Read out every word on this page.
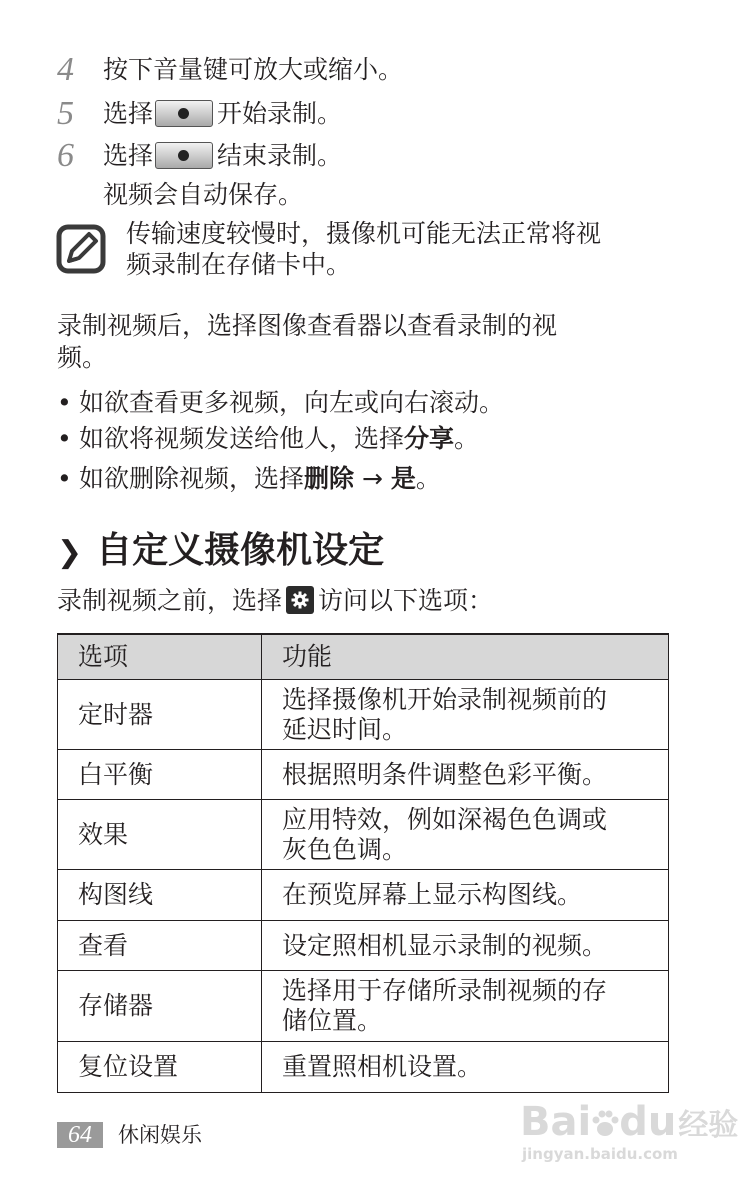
4 按下音量键可放大或缩小。
5 选择	开始录制。
6 选择	结束录制。
视频会自动保存。
传输速度较慢时，摄像机可能无法正常将视
频录制在存储卡中。
录制视频后，选择图像查看器以查看录制的视
频。
• 如欲查看更多视频，向左或向右滚动。
• 如欲将视频发送给他人，选择分享。
• 如欲删除视频，选择删除 → 是。
❯ 自定义摄像机设定
录制视频之前，选择 访问以下选项：
选项	功能
定时器	选择摄像机开始录制视频前的
延迟时间。

白平衡	根据照明条件调整色彩平衡。

效果	应用特效，例如深褐色色调或
灰色色调。

构图线	在预览屏幕上显示构图线。

查看	设定照相机显示录制的视频。

存储器	选择用于存储所录制视频的存
储位置。

复位设置	重置照相机设置。
64	休闲娱乐	Bai du经验
jingyan.baidu.com
